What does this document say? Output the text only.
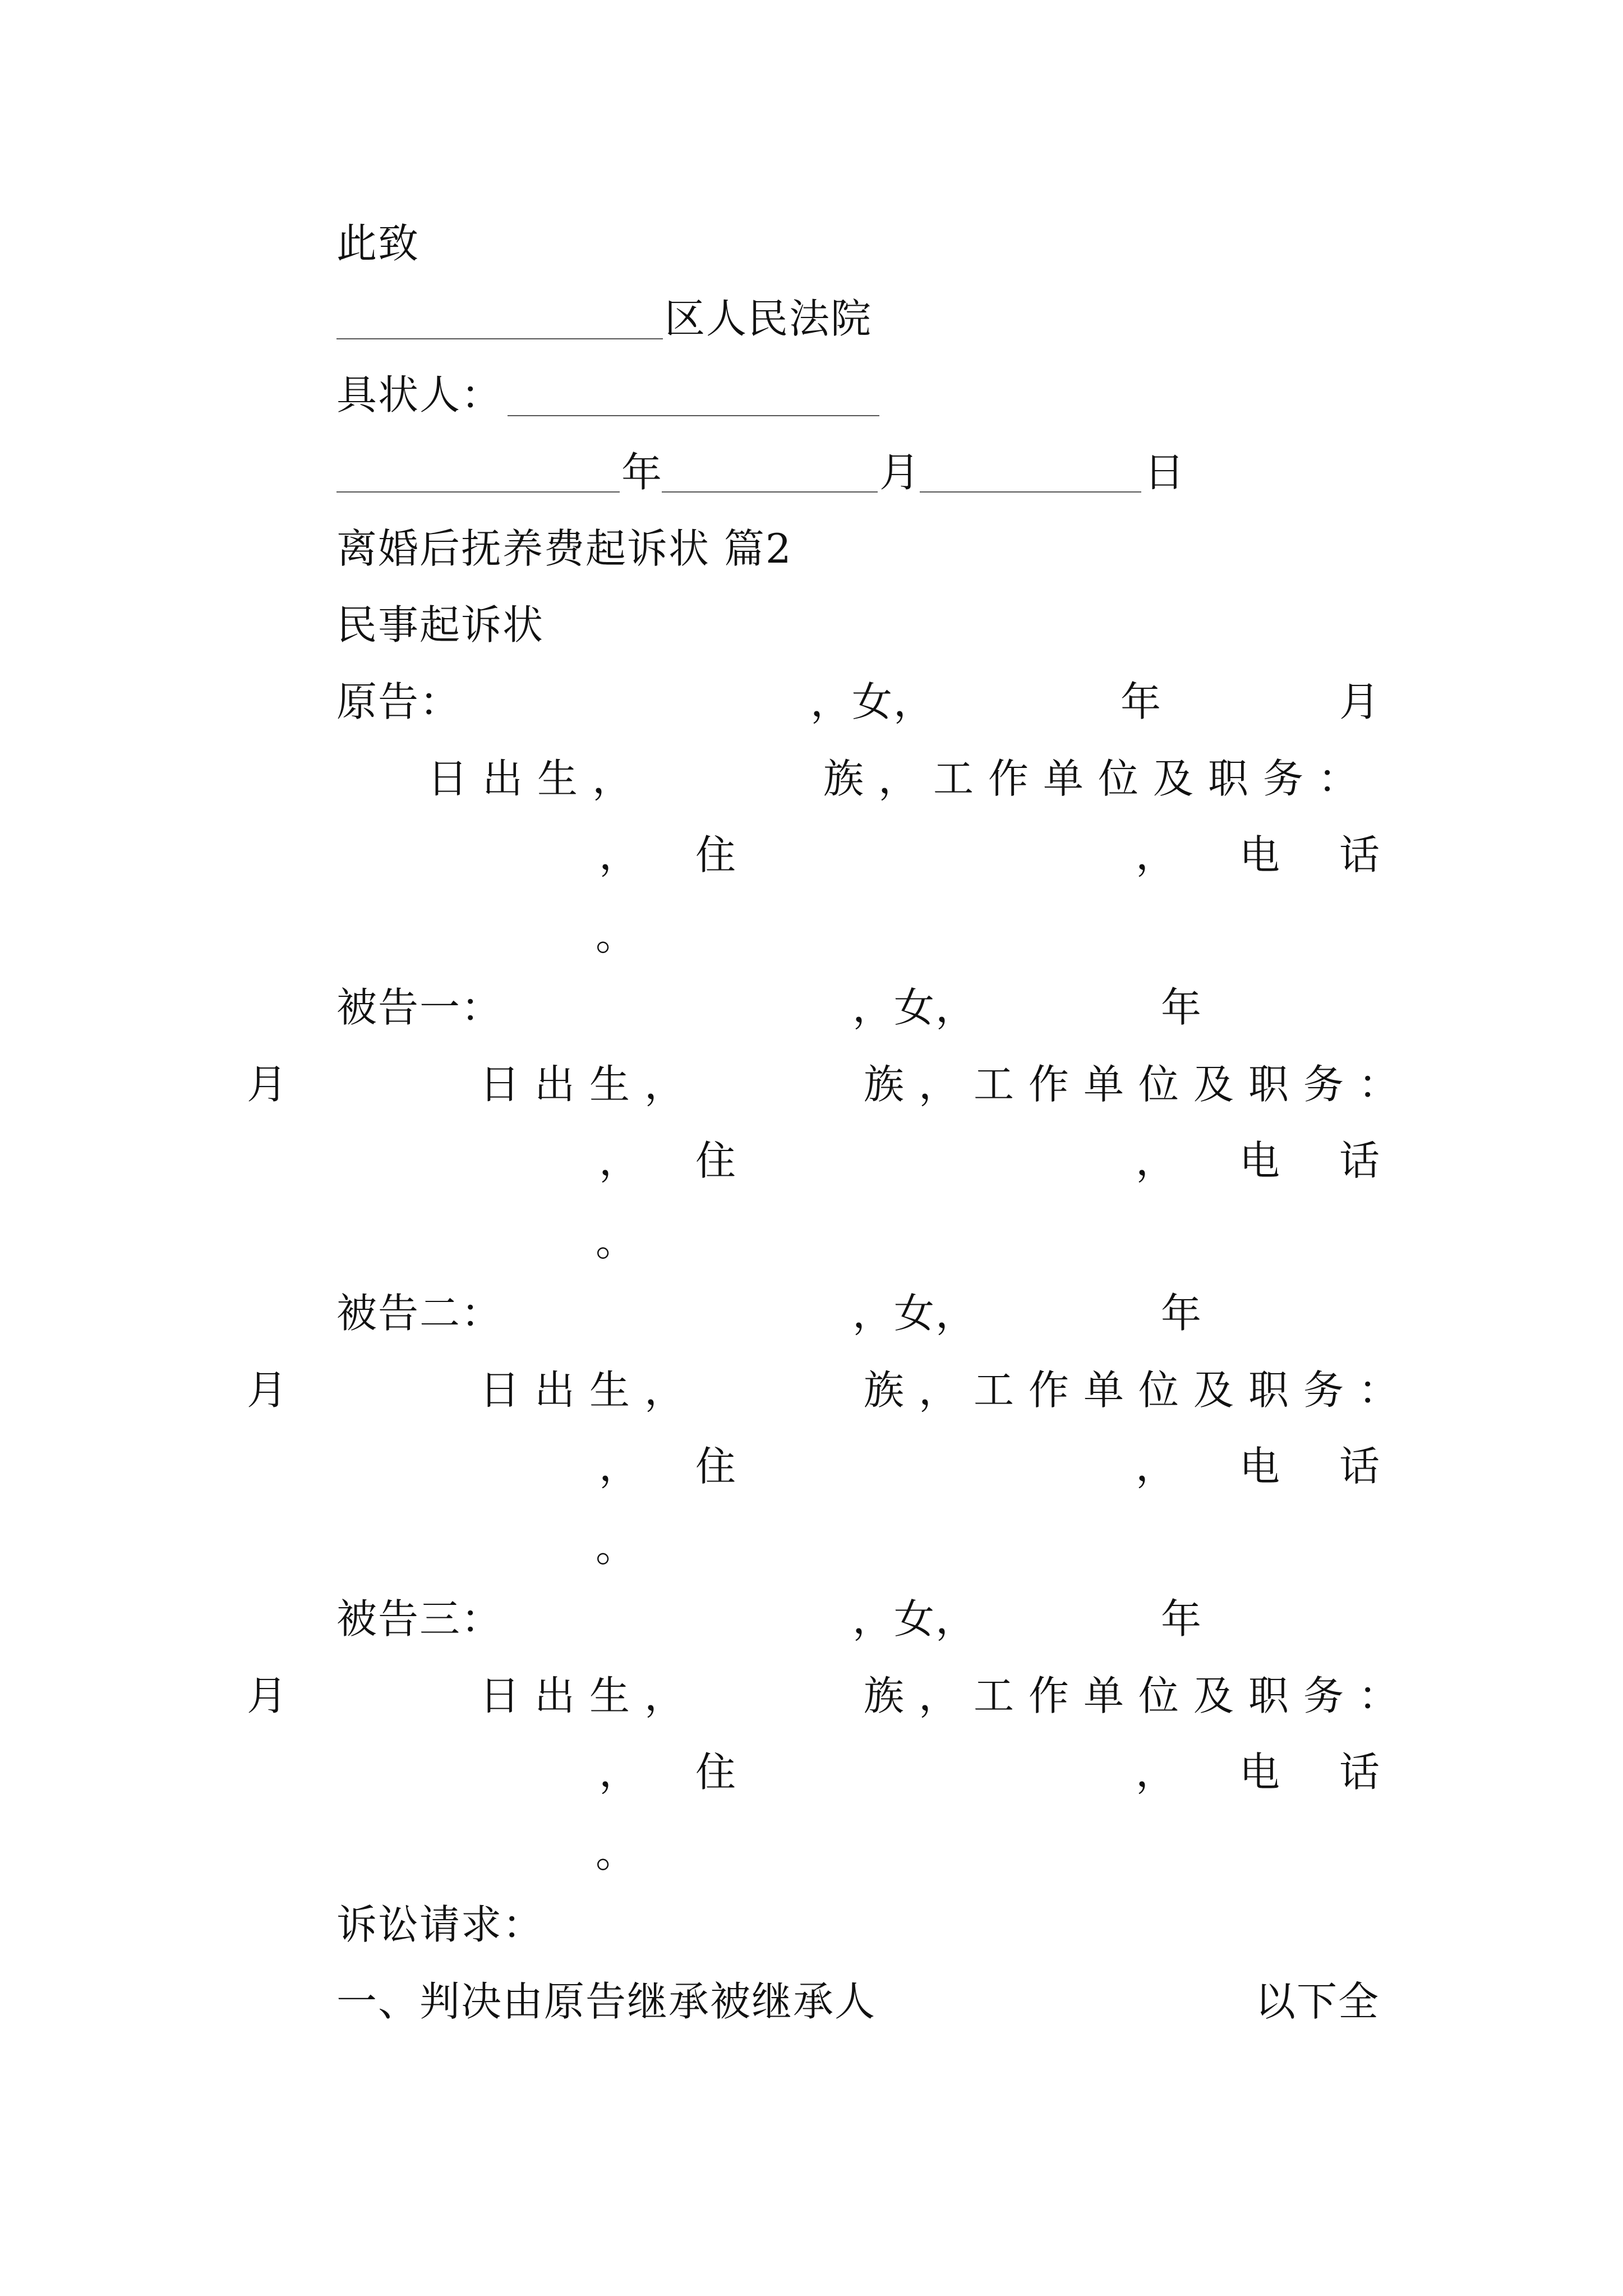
此致
区人民法院
具状人：
年	月	日
离婚后抚养费起诉状 篇2
民事起诉状
原告：	，女，	年	月
日出生，	族，工作单位及职务：
， 住	， 电 话
。
被告一：	，女，	年
月	日出生，	族，工作单位及职务：
， 住	， 电 话
。
被告二：	，女，	年
月	日出生，	族，工作单位及职务：
， 住	， 电 话
。
被告三：	，女，	年
月	日出生，	族，工作单位及职务：
， 住	， 电 话
。
诉讼请求：
一、判决由原告继承被继承人	以下全
